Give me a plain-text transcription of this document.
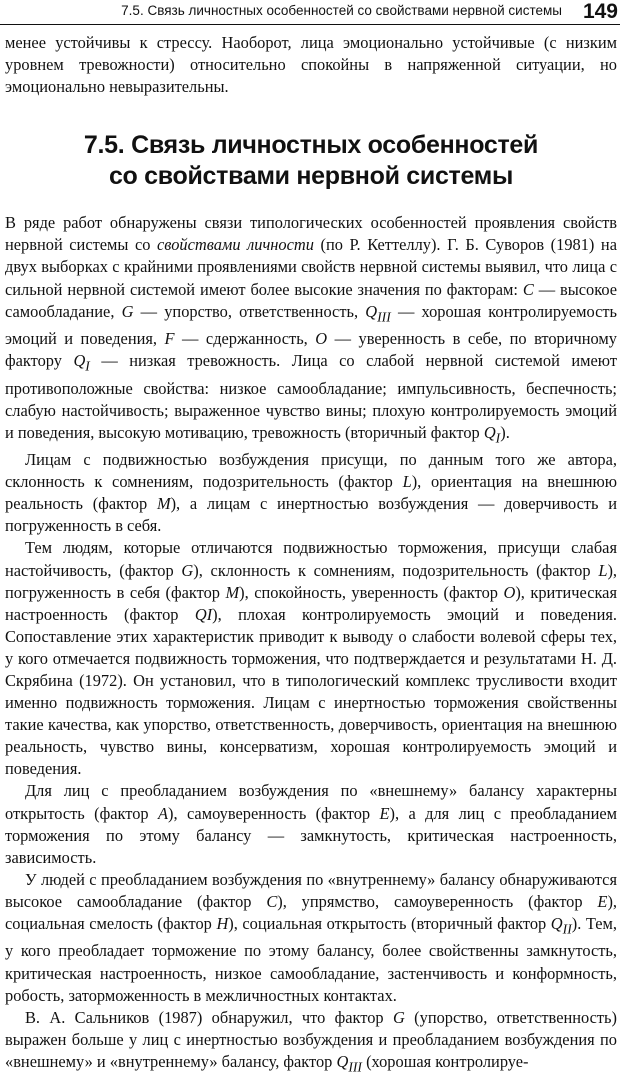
7.5. Связь личностных особенностей со свойствами нервной системы 149

менее устойчивы к стрессу. Наоборот, лица эмоционально устойчивые (с низким уровнем тревожности) относительно спокойны в напряженной ситуации, но эмоционально невыразительны.

7.5. Связь личностных особенностей
со свойствами нервной системы

В ряде работ обнаружены связи типологических особенностей проявления свойств нервной системы со свойствами личности (по Р. Кеттеллу). Г. Б. Суворов (1981) на двух выборках с крайними проявлениями свойств нервной системы выявил, что лица с сильной нервной системой имеют более высокие значения по факторам: C — высокое самообладание, G — упорство, ответственность, $Q_{III}$ — хорошая контролируемость эмоций и поведения, F — сдержанность, O — уверенность в себе, по вторичному фактору $Q_I$ — низкая тревожность. Лица со слабой нервной системой имеют противоположные свойства: низкое самообладание; импульсивность, беспечность; слабую настойчивость; выраженное чувство вины; плохую контролируемость эмоций и поведения, высокую мотивацию, тревожность (вторичный фактор $Q_I$).

Лицам с подвижностью возбуждения присущи, по данным того же автора, склонность к сомнениям, подозрительность (фактор L), ориентация на внешнюю реальность (фактор M), а лицам с инертностью возбуждения — доверчивость и погруженность в себя.

Тем людям, которые отличаются подвижностью торможения, присущи слабая настойчивость, (фактор G), склонность к сомнениям, подозрительность (фактор L), погруженность в себя (фактор M), спокойность, уверенность (фактор O), критическая настроенность (фактор QI), плохая контролируемость эмоций и поведения. Сопоставление этих характеристик приводит к выводу о слабости волевой сферы тех, у кого отмечается подвижность торможения, что подтверждается и результатами Н. Д. Скрябина (1972). Он установил, что в типологический комплекс трусливости входит именно подвижность торможения. Лицам с инертностью торможения свойственны такие качества, как упорство, ответственность, доверчивость, ориентация на внешнюю реальность, чувство вины, консерватизм, хорошая контролируемость эмоций и поведения.

Для лиц с преобладанием возбуждения по «внешнему» балансу характерны открытость (фактор A), самоуверенность (фактор E), а для лиц с преобладанием торможения по этому балансу — замкнутость, критическая настроенность, зависимость.

У людей с преобладанием возбуждения по «внутреннему» балансу обнаруживаются высокое самообладание (фактор C), упрямство, самоуверенность (фактор E), социальная смелость (фактор H), социальная открытость (вторичный фактор $Q_{II}$). Тем, у кого преобладает торможение по этому балансу, более свойственны замкнутость, критическая настроенность, низкое самообладание, застенчивость и конформность, робость, заторможенность в межличностных контактах.

В. А. Сальников (1987) обнаружил, что фактор G (упорство, ответственность) выражен больше у лиц с инертностью возбуждения и преобладанием возбуждения по «внешнему» и «внутреннему» балансу, фактор $Q_{III}$ (хорошая контролируе-
